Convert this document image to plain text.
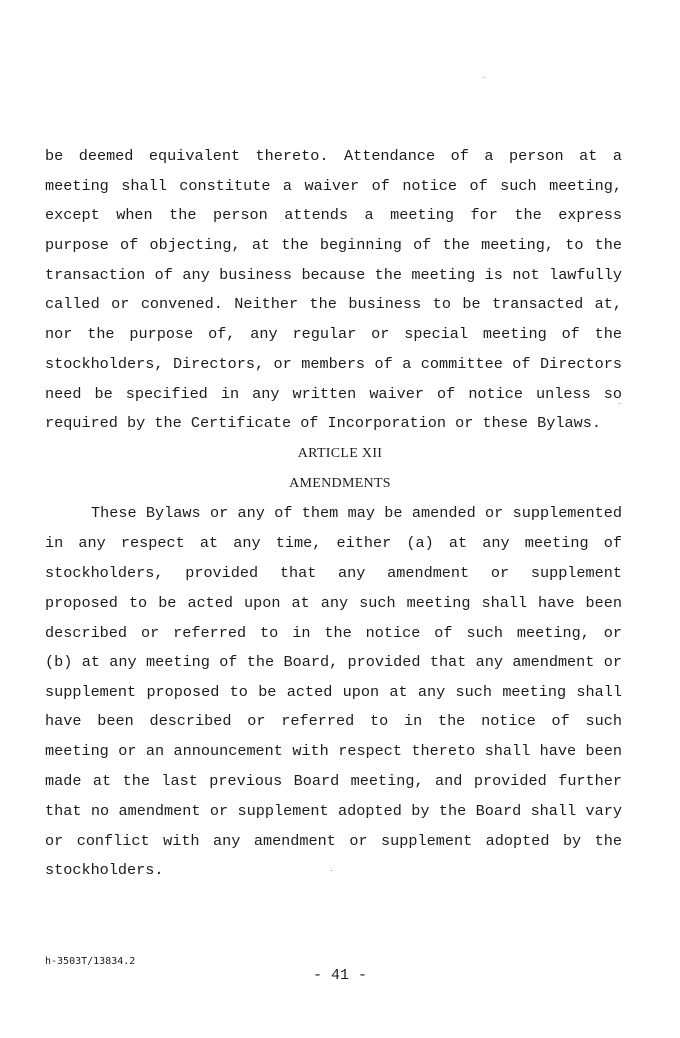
be deemed equivalent thereto. Attendance of a person at a
meeting shall constitute a waiver of notice of such meeting,
except when the person attends a meeting for the express
purpose of objecting, at the beginning of the meeting, to the
transaction of any business because the meeting is not lawfully
called or convened. Neither the business to be transacted at,
nor the purpose of, any regular or special meeting of the
stockholders, Directors, or members of a committee of Directors
need be specified in any written waiver of notice unless so
required by the Certificate of Incorporation or these Bylaws.
ARTICLE XII
AMENDMENTS
These Bylaws or any of them may be amended or supplemented
in any respect at any time, either (a) at any meeting of
stockholders, provided that any amendment or supplement
proposed to be acted upon at any such meeting shall have been
described or referred to in the notice of such meeting, or
(b) at any meeting of the Board, provided that any amendment or
supplement proposed to be acted upon at any such meeting shall
have been described or referred to in the notice of such
meeting or an announcement with respect thereto shall have been
made at the last previous Board meeting, and provided further
that no amendment or supplement adopted by the Board shall vary
or conflict with any amendment or supplement adopted by the
stockholders.
h-3503T/13834.2
- 41 -
